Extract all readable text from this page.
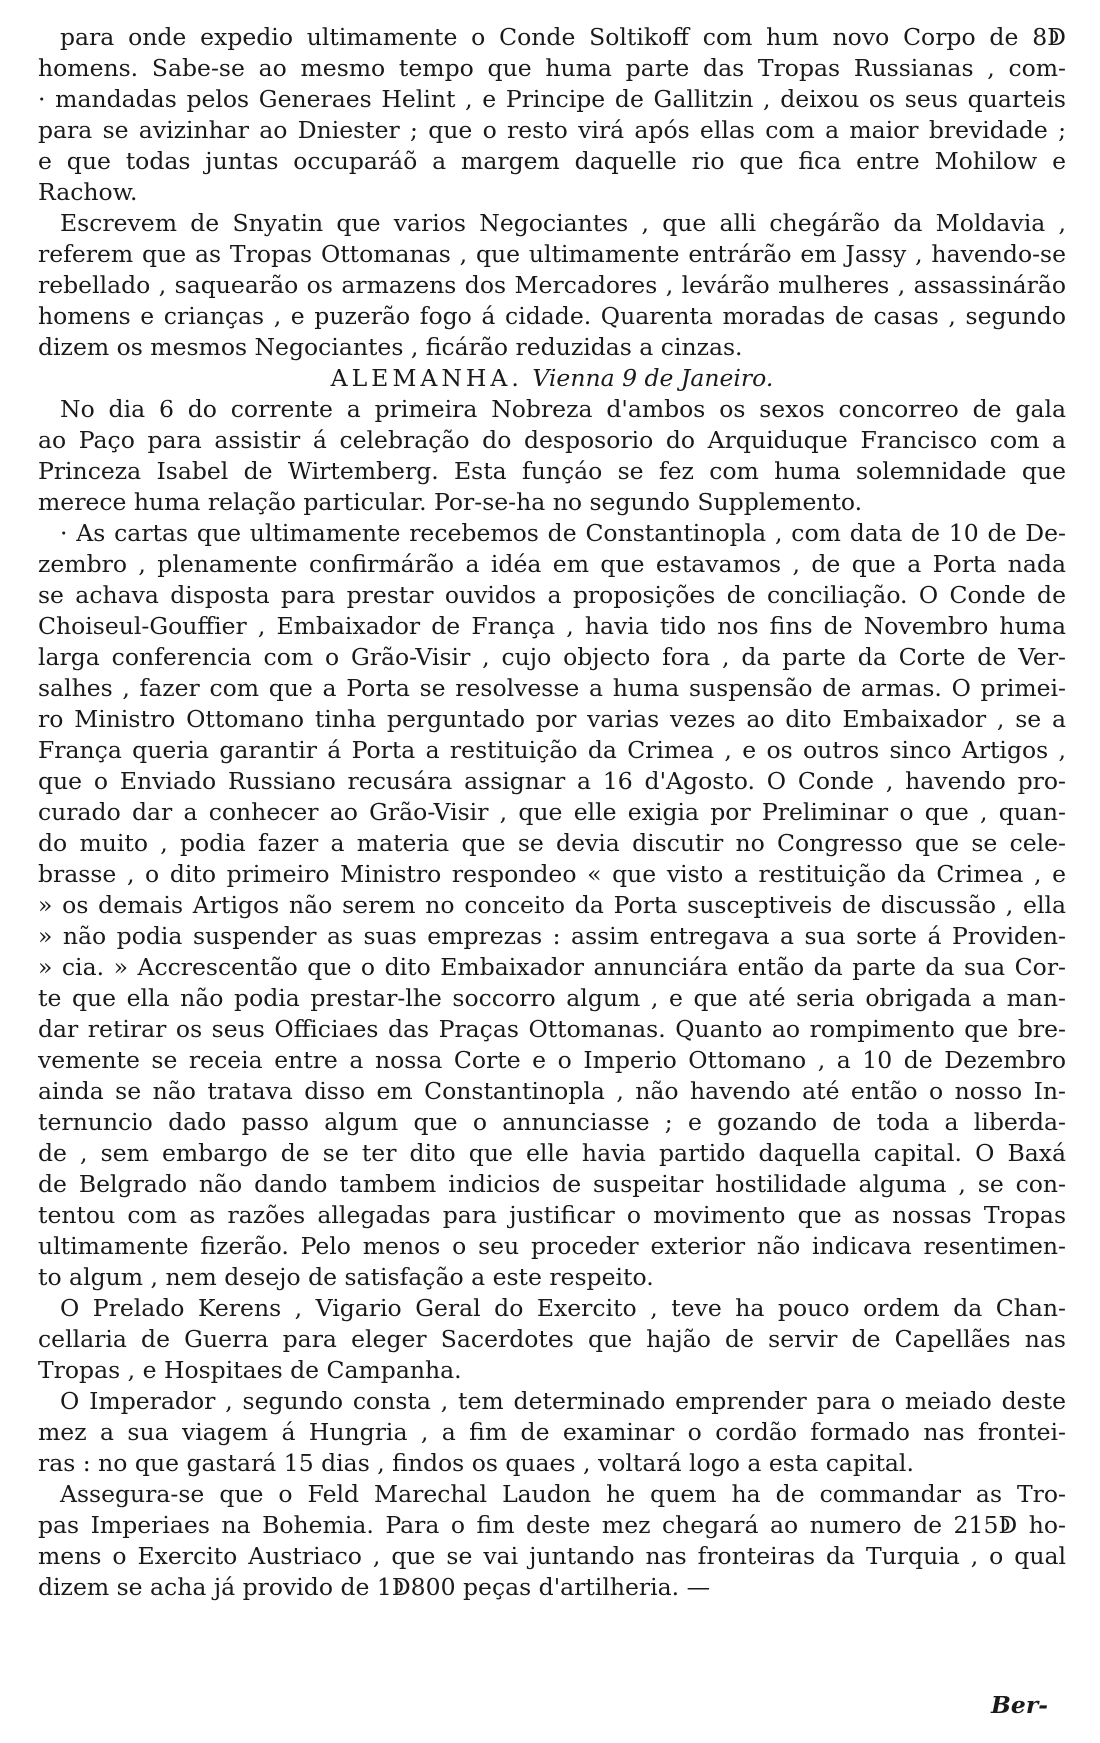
para onde expedio ultimamente o Conde Soltikoff com hum novo Corpo de 8ↁ
homens. Sabe-se ao mesmo tempo que huma parte das Tropas Russianas , com-
· mandadas pelos Generaes Helint , e Principe de Gallitzin , deixou os seus quarteis
para se avizinhar ao Dniester ; que o resto virá após ellas com a maior brevidade ;
e que todas juntas occuparáõ a margem daquelle rio que fica entre Mohilow e
Rachow.

Escrevem de Snyatin que varios Negociantes , que alli chegárão da Moldavia ,
referem que as Tropas Ottomanas , que ultimamente entrárão em Jassy , havendo-se
rebellado , saquearão os armazens dos Mercadores , levárão mulheres , assassinárão
homens e crianças , e puzerão fogo á cidade. Quarenta moradas de casas , segundo
dizem os mesmos Negociantes , ficárão reduzidas a cinzas.

ALEMANHA. Vienna 9 de Janeiro.

No dia 6 do corrente a primeira Nobreza d'ambos os sexos concorreo de gala
ao Paço para assistir á celebração do desposorio do Arquiduque Francisco com a
Princeza Isabel de Wirtemberg. Esta funçáo se fez com huma solemnidade que
merece huma relação particular. Por-se-ha no segundo Supplemento.

· As cartas que ultimamente recebemos de Constantinopla , com data de 10 de De-
zembro , plenamente confirmárão a idéa em que estavamos , de que a Porta nada
se achava disposta para prestar ouvidos a proposições de conciliação. O Conde de
Choiseul-Gouffier , Embaixador de França , havia tido nos fins de Novembro huma
larga conferencia com o Grão-Visir , cujo objecto fora , da parte da Corte de Ver-
salhes , fazer com que a Porta se resolvesse a huma suspensão de armas. O primei-
ro Ministro Ottomano tinha perguntado por varias vezes ao dito Embaixador , se a
França queria garantir á Porta a restituição da Crimea , e os outros sinco Artigos ,
que o Enviado Russiano recusára assignar a 16 d'Agosto. O Conde , havendo pro-
curado dar a conhecer ao Grão-Visir , que elle exigia por Preliminar o que , quan-
do muito , podia fazer a materia que se devia discutir no Congresso que se cele-
brasse , o dito primeiro Ministro respondeo « que visto a restituição da Crimea , e
» os demais Artigos não serem no conceito da Porta susceptiveis de discussão , ella
» não podia suspender as suas emprezas : assim entregava a sua sorte á Providen-
» cia. » Accrescentão que o dito Embaixador annunciára então da parte da sua Cor-
te que ella não podia prestar-lhe soccorro algum , e que até seria obrigada a man-
dar retirar os seus Officiaes das Praças Ottomanas. Quanto ao rompimento que bre-
vemente se receia entre a nossa Corte e o Imperio Ottomano , a 10 de Dezembro
ainda se não tratava disso em Constantinopla , não havendo até então o nosso In-
ternuncio dado passo algum que o annunciasse ; e gozando de toda a liberda-
de , sem embargo de se ter dito que elle havia partido daquella capital. O Baxá
de Belgrado não dando tambem indicios de suspeitar hostilidade alguma , se con-
tentou com as razões allegadas para justificar o movimento que as nossas Tropas
ultimamente fizerão. Pelo menos o seu proceder exterior não indicava resentimen-
to algum , nem desejo de satisfação a este respeito.

O Prelado Kerens , Vigario Geral do Exercito , teve ha pouco ordem da Chan-
cellaria de Guerra para eleger Sacerdotes que hajão de servir de Capellães nas
Tropas , e Hospitaes de Campanha.

O Imperador , segundo consta , tem determinado emprender para o meiado deste
mez a sua viagem á Hungria , a fim de examinar o cordão formado nas frontei-
ras : no que gastará 15 dias , findos os quaes , voltará logo a esta capital.

Assegura-se que o Feld Marechal Laudon he quem ha de commandar as Tro-
pas Imperiaes na Bohemia. Para o fim deste mez chegará ao numero de 215ↁ ho-
mens o Exercito Austriaco , que se vai juntando nas fronteiras da Turquia , o qual
dizem se acha já provido de 1ↁ800 peças d'artilheria. —

Ber-
